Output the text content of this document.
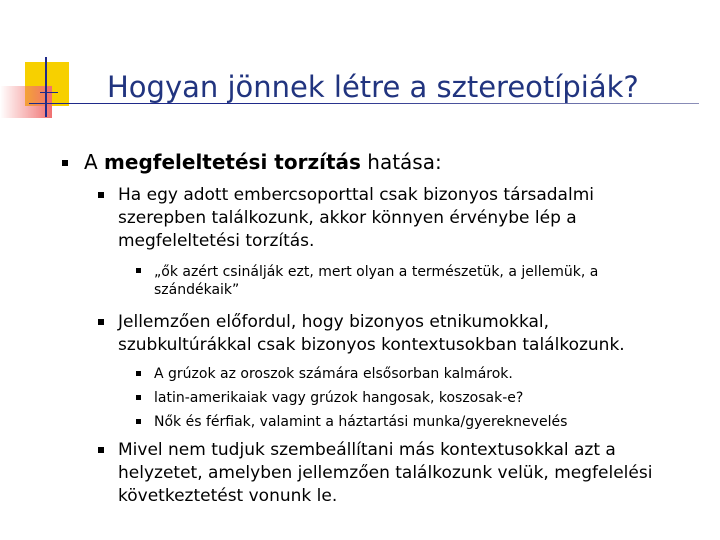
Hogyan jönnek létre a sztereotípiák?
A megfeleltetési torzítás hatása:
Ha egy adott embercsoporttal csak bizonyos társadalmi
szerepben találkozunk, akkor könnyen érvénybe lép a
megfeleltetési torzítás.
„ők azért csinálják ezt, mert olyan a természetük, a jellemük, a
szándékaik”
Jellemzően előfordul, hogy bizonyos etnikumokkal,
szubkultúrákkal csak bizonyos kontextusokban találkozunk.
A grúzok az oroszok számára elsősorban kalmárok.
latin-amerikaiak vagy grúzok hangosak, koszosak-e?
Nők és férfiak, valamint a háztartási munka/gyereknevelés
Mivel nem tudjuk szembeállítani más kontextusokkal azt a
helyzetet, amelyben jellemzően találkozunk velük, megfelelési
következtetést vonunk le.
